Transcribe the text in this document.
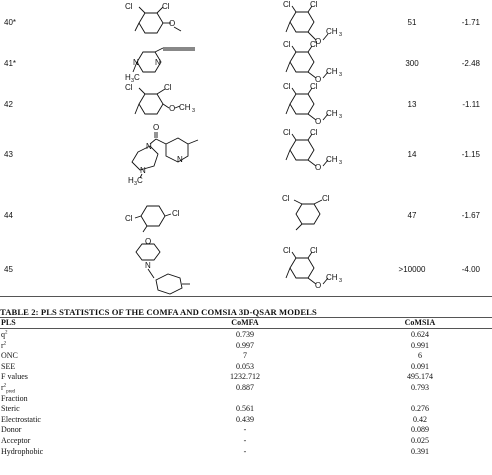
40*
Cl	Cl
O
Cl Cl
O
CH 3
51	-1.71
41*	N
N
H 3 C
Cl Cl
O
CH 3
300	-2.48
42
Cl	Cl
O CH 3
Cl Cl
O
CH 3
13	-1.11
43
O
N
N
N
H 3 C
Cl Cl
O
CH 3
14	-1.15
44	Cl
Cl
Cl	Cl
47	-1.67
45
O
N
Cl Cl
O
CH 3
>10000	-4.00
TABLE 2: PLS STATISTICS OF THE COMFA AND COMSIA 3D-QSAR MODELS
PLS	CoMFA	CoMSIA
$q^2$	0.739	0.624
$r^2$	0.997	0.991
ONC	7	6
SEE	0.053	0.091
F values	1232.712	495.174
$r^2_{pred}$
0.887	0.793
Fraction
Steric	0.561	0.276
Electrostatic	0.439	0.42
Donor	-	0.089
Acceptor	-	0.025
Hydrophobic	-	0.391
